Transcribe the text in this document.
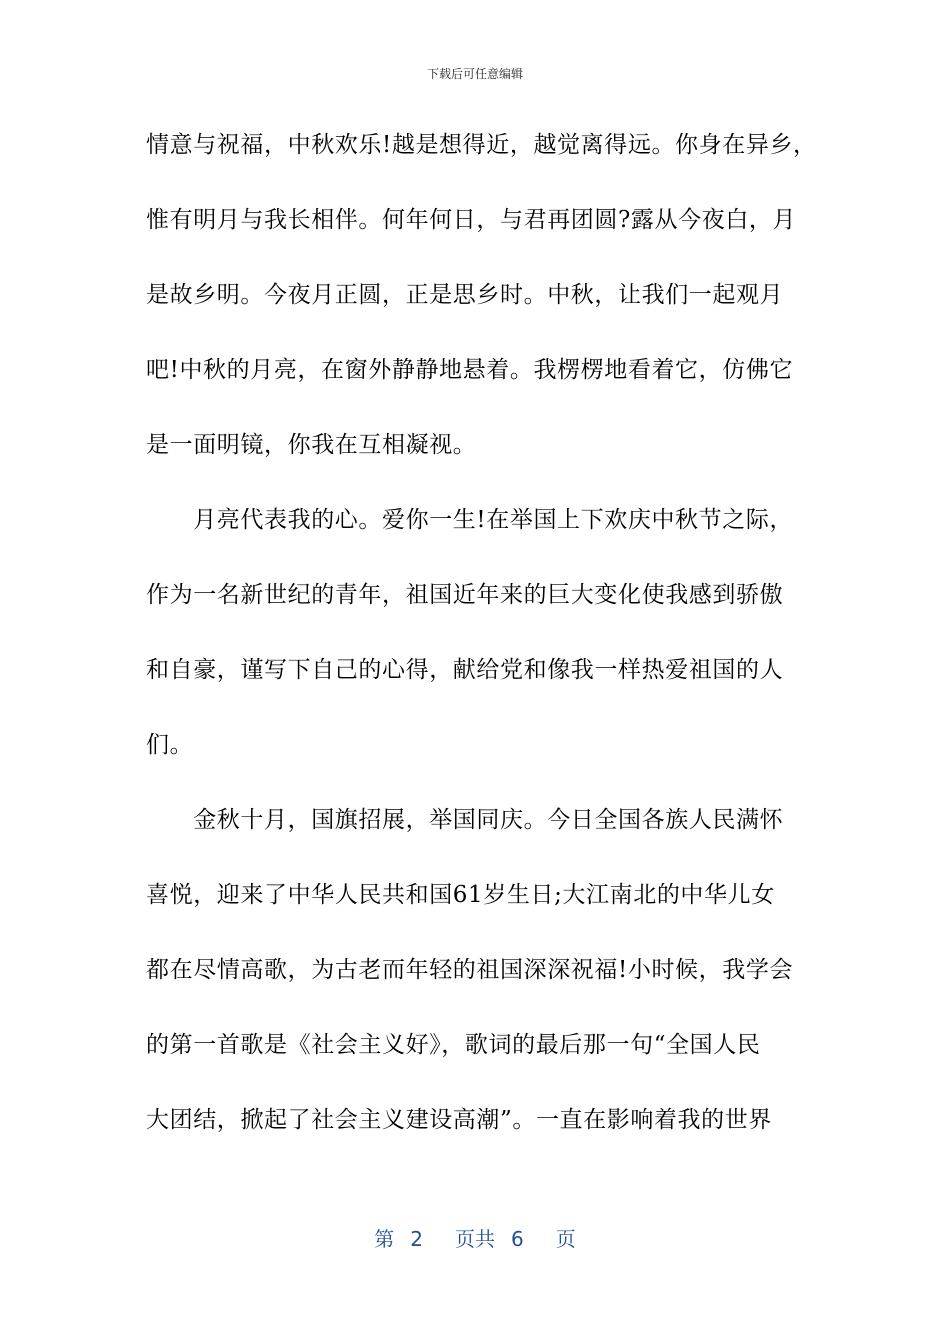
下载后可任意编辑
情意与祝福，中秋欢乐!越是想得近，越觉离得远。你身在异乡，
惟有明月与我长相伴。何年何日，与君再团圆?露从今夜白，月
是故乡明。今夜月正圆，正是思乡时。中秋，让我们一起观月
吧!中秋的月亮，在窗外静静地悬着。我楞楞地看着它，仿佛它
是一面明镜，你我在互相凝视。
　　月亮代表我的心。爱你一生!在举国上下欢庆中秋节之际，
作为一名新世纪的青年，祖国近年来的巨大变化使我感到骄傲
和自豪，谨写下自己的心得，献给党和像我一样热爱祖国的人
们。
　　金秋十月，国旗招展，举国同庆。今日全国各族人民满怀
喜悦，迎来了中华人民共和国61岁生日;大江南北的中华儿女
都在尽情高歌，为古老而年轻的祖国深深祝福!小时候，我学会
的第一首歌是《社会主义好》，歌词的最后那一句“全国人民
大团结，掀起了社会主义建设高潮”。一直在影响着我的世界
第 2 页共 6 页
